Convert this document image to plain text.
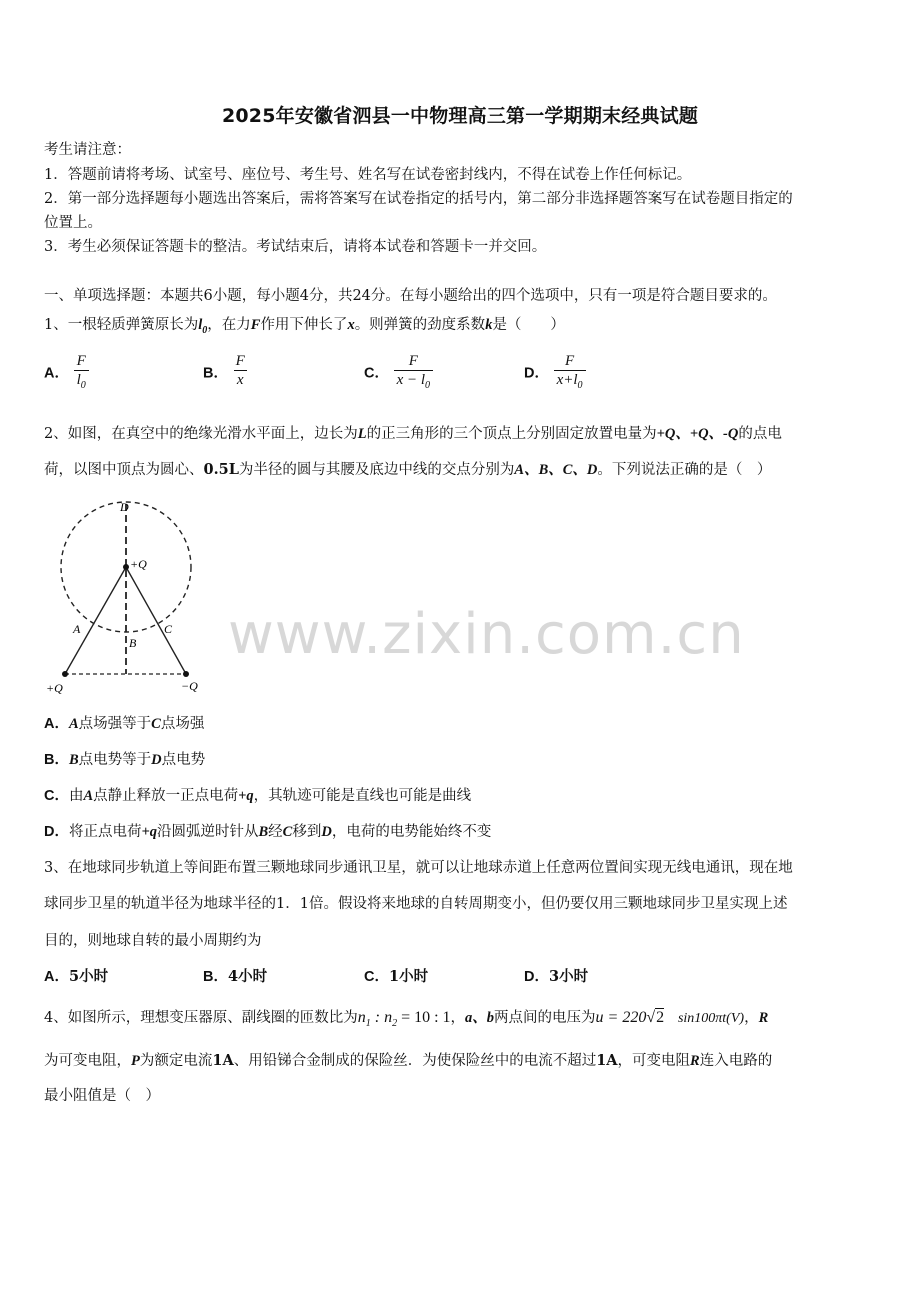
2025年安徽省泗县一中物理高三第一学期期末经典试题
考生请注意：
1．答题前请将考场、试室号、座位号、考生号、姓名写在试卷密封线内，不得在试卷上作任何标记。
2．第一部分选择题每小题选出答案后，需将答案写在试卷指定的括号内，第二部分非选择题答案写在试卷题目指定的
位置上。
3．考生必须保证答题卡的整洁。考试结束后，请将本试卷和答题卡一并交回。
一、单项选择题：本题共6小题，每小题4分，共24分。在每小题给出的四个选项中，只有一项是符合题目要求的。
1、一根轻质弹簧原长为$l_0$，在力F作用下伸长了x。则弹簧的劲度系数k是（　　）
A． $\frac{F}{l_0}$	B． $\frac{F}{x}$	C． $\frac{F}{x - l_0}$	D． $\frac{F}{x+l_0}$
2、如图，在真空中的绝缘光滑水平面上，边长为L的正三角形的三个顶点上分别固定放置电量为+Q、+Q、-Q的点电
荷，以图中顶点为圆心、0.5L为半径的圆与其腰及底边中线的交点分别为A、B、C、D。下列说法正确的是（　）
D
+Q
A
B
C
+Q	−Q
www.zixin.com.cn
A．A点场强等于C点场强
B．B点电势等于D点电势
C．由A点静止释放一正点电荷+q，其轨迹可能是直线也可能是曲线
D．将正点电荷+q沿圆弧逆时针从B经C移到D，电荷的电势能始终不变
3、在地球同步轨道上等间距布置三颗地球同步通讯卫星，就可以让地球赤道上任意两位置间实现无线电通讯，现在地
球同步卫星的轨道半径为地球半径的1．1倍。假设将来地球的自转周期变小，但仍要仅用三颗地球同步卫星实现上述
目的，则地球自转的最小周期约为
A．5小时	B．4小时	C．1小时	D．3小时
4、如图所示，理想变压器原、副线圈的匝数比为$n_1$ : $n_2 = 10$ : 1，a、b两点间的电压为u = 220√2 sin100πt(V)，R
为可变电阻，P为额定电流1A、用铅锑合金制成的保险丝．为使保险丝中的电流不超过1A，可变电阻R连入电路的
最小阻值是（　）
